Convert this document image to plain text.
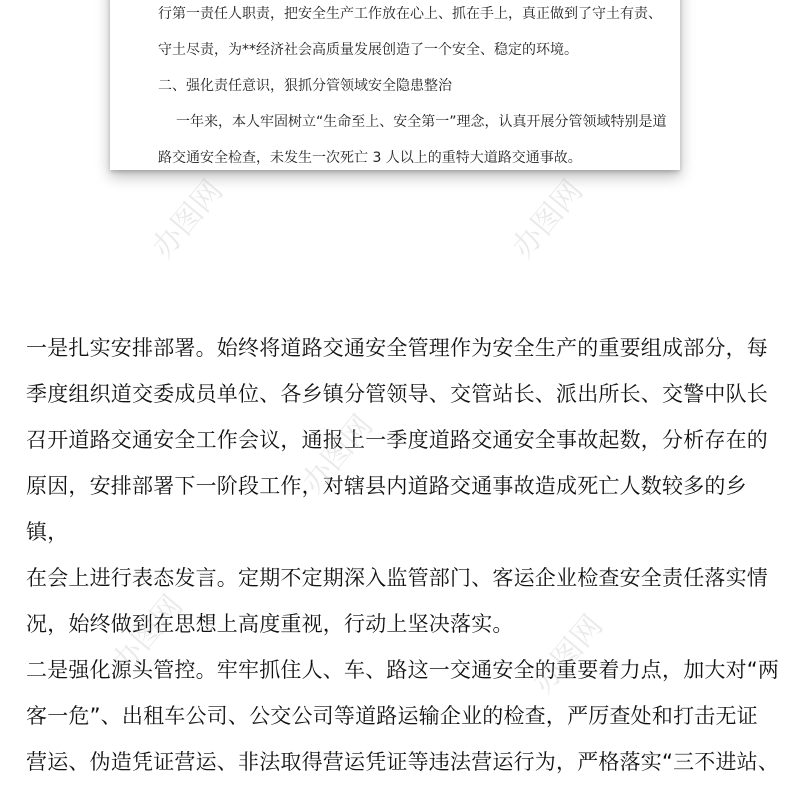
行第一责任人职责，把安全生产工作放在心上、抓在手上，真正做到了守土有责、

守土尽责，为**经济社会高质量发展创造了一个安全、稳定的环境。

二、强化责任意识，狠抓分管领域安全隐患整治

一年来，本人牢固树立“生命至上、安全第一”理念，认真开展分管领域特别是道

路交通安全检查，未发生一次死亡 3 人以上的重特大道路交通事故。

一是扎实安排部署。始终将道路交通安全管理作为安全生产的重要组成部分，每

季度组织道交委成员单位、各乡镇分管领导、交管站长、派出所长、交警中队长

召开道路交通安全工作会议，通报上一季度道路交通安全事故起数，分析存在的

原因，安排部署下一阶段工作，对辖县内道路交通事故造成死亡人数较多的乡镇，

在会上进行表态发言。定期不定期深入监管部门、客运企业检查安全责任落实情

况，始终做到在思想上高度重视，行动上坚决落实。

二是强化源头管控。牢牢抓住人、车、路这一交通安全的重要着力点，加大对“两

客一危”、出租车公司、公交公司等道路运输企业的检查，严厉查处和打击无证

营运、伪造凭证营运、非法取得营运凭证等违法营运行为，严格落实“三不进站、

办图网	办图网
办图网
办图网	办图网
